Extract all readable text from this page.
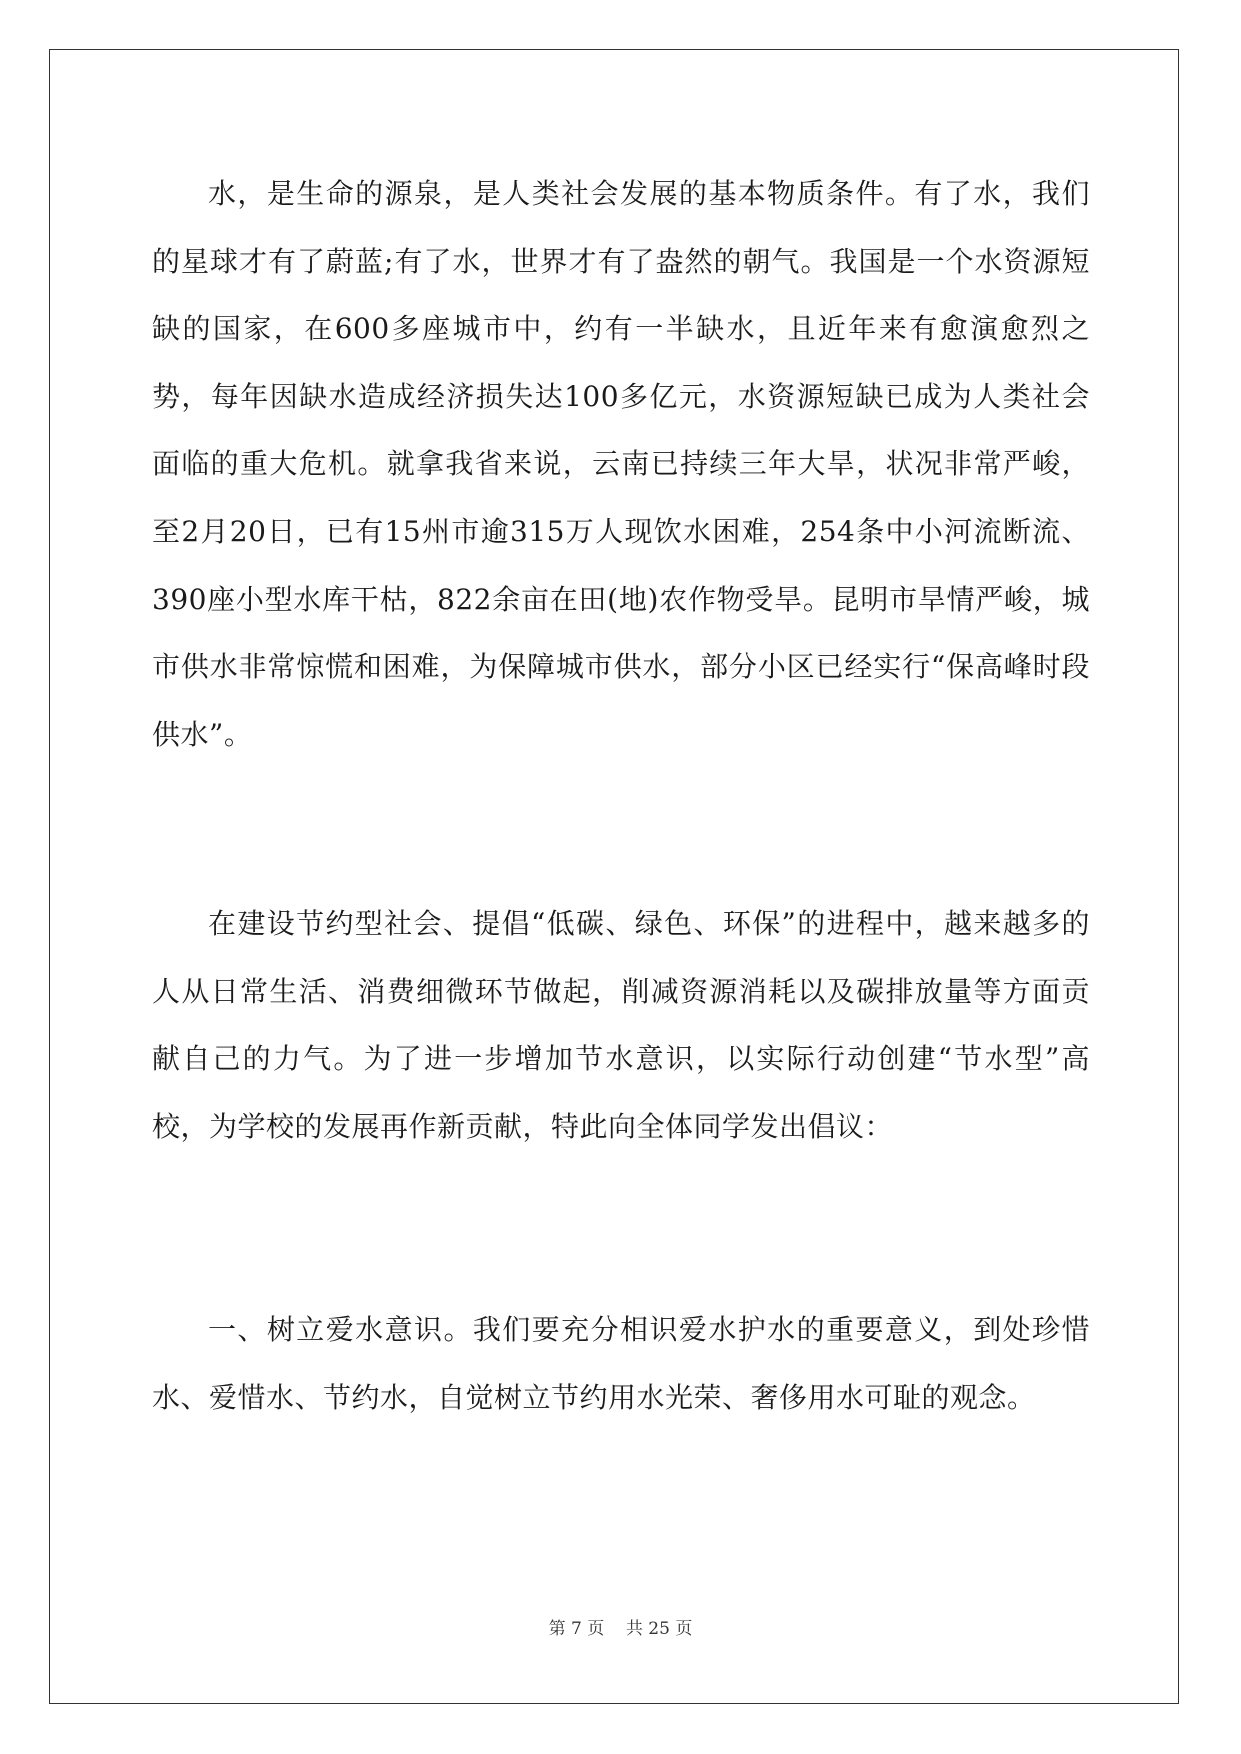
水，是生命的源泉，是人类社会发展的基本物质条件。有了水，我们的星球才有了蔚蓝;有了水，世界才有了盎然的朝气。我国是一个水资源短缺的国家，在600多座城市中，约有一半缺水，且近年来有愈演愈烈之势，每年因缺水造成经济损失达100多亿元，水资源短缺已成为人类社会面临的重大危机。就拿我省来说，云南已持续三年大旱，状况非常严峻，至2月20日，已有15州市逾315万人现饮水困难，254条中小河流断流、390座小型水库干枯，822余亩在田(地)农作物受旱。昆明市旱情严峻，城市供水非常惊慌和困难，为保障城市供水，部分小区已经实行“保高峰时段供水”。

在建设节约型社会、提倡“低碳、绿色、环保”的进程中，越来越多的人从日常生活、消费细微环节做起，削减资源消耗以及碳排放量等方面贡献自己的力气。为了进一步增加节水意识，以实际行动创建“节水型”高校，为学校的发展再作新贡献，特此向全体同学发出倡议：

一、树立爱水意识。我们要充分相识爱水护水的重要意义，到处珍惜水、爱惜水、节约水，自觉树立节约用水光荣、奢侈用水可耻的观念。

第 7 页 共 25 页
